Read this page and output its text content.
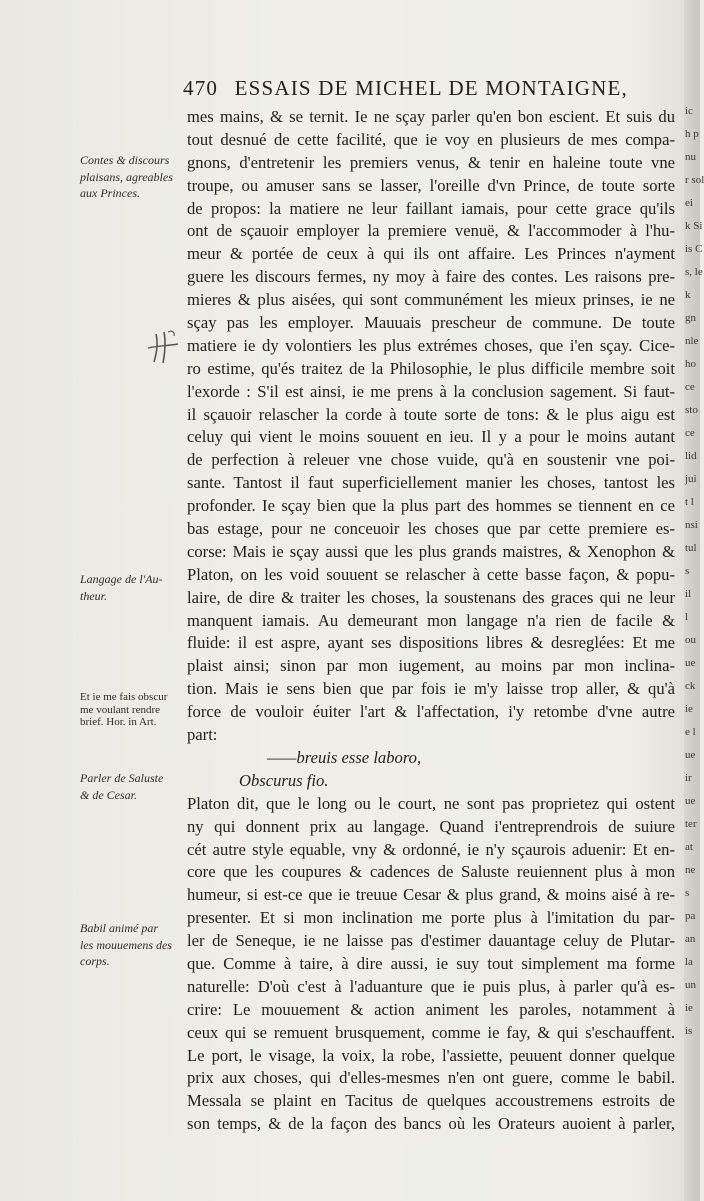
470 ESSAIS DE MICHEL DE MONTAIGNE,
mes mains, & se ternit. Ie ne sçay parler qu'en bon escient. Et suis du
tout desnué de cette facilité, que ie voy en plusieurs de mes compa-
gnons, d'entretenir les premiers venus, & tenir en haleine toute vne
troupe, ou amuser sans se lasser, l'oreille d'vn Prince, de toute sorte
de propos: la matiere ne leur faillant iamais, pour cette grace qu'ils
ont de sçauoir employer la premiere venuë, & l'accommoder à l'hu-
meur & portée de ceux à qui ils ont affaire. Les Princes n'ayment
guere les discours fermes, ny moy à faire des contes. Les raisons pre-
mieres & plus aisées, qui sont communément les mieux prinses, ie ne
sçay pas les employer. Mauuais prescheur de commune. De toute
matiere ie dy volontiers les plus extrémes choses, que i'en sçay. Cice-
ro estime, qu'és traitez de la Philosophie, le plus difficile membre soit
l'exorde : S'il est ainsi, ie me prens à la conclusion sagement. Si faut-
il sçauoir relascher la corde à toute sorte de tons: & le plus aigu est
celuy qui vient le moins souuent en ieu. Il y a pour le moins autant
de perfection à releuer vne chose vuide, qu'à en soustenir vne poi-
sante. Tantost il faut superficiellement manier les choses, tantost les
profonder. Ie sçay bien que la plus part des hommes se tiennent en ce
bas estage, pour ne conceuoir les choses que par cette premiere es-
corse: Mais ie sçay aussi que les plus grands maistres, & Xenophon &
Platon, on les void souuent se relascher à cette basse façon, & popu-
laire, de dire & traiter les choses, la soustenans des graces qui ne leur
manquent iamais. Au demeurant mon langage n'a rien de facile &
fluide: il est aspre, ayant ses dispositions libres & desreglées: Et me
plaist ainsi; sinon par mon iugement, au moins par mon inclina-
tion. Mais ie sens bien que par fois ie m'y laisse trop aller, & qu'à
force de vouloir éuiter l'art & l'affectation, i'y retombe d'vne autre
part:
——breuis esse laboro,
Obscurus fio.
Platon dit, que le long ou le court, ne sont pas proprietez qui ostent
ny qui donnent prix au langage. Quand i'entreprendrois de suiure
cét autre style equable, vny & ordonné, ie n'y sçaurois aduenir: Et en-
core que les coupures & cadences de Saluste reuiennent plus à mon
humeur, si est-ce que ie treuue Cesar & plus grand, & moins aisé à re-
presenter. Et si mon inclination me porte plus à l'imitation du par-
ler de Seneque, ie ne laisse pas d'estimer dauantage celuy de Plutar-
que. Comme à taire, à dire aussi, ie suy tout simplement ma forme
naturelle: D'où c'est à l'aduanture que ie puis plus, à parler qu'à es-
crire: Le mouuement & action animent les paroles, notamment à
ceux qui se remuent brusquement, comme ie fay, & qui s'eschauffent.
Le port, le visage, la voix, la robe, l'assiette, peuuent donner quelque
prix aux choses, qui d'elles-mesmes n'en ont guere, comme le babil.
Messala se plaint en Tacitus de quelques accoustremens estroits de
son temps, & de la façon des bancs où les Orateurs auoient à parler,
Contes & discours
plaisans, agreables
aux Princes.
Langage de l'Au-
theur.
Et ie me fais obscur
me voulant rendre
brief. Hor. in Art.
Parler de Saluste
& de Cesar.
Babil animé par
les mouuemens des
corps.
ic
h p
nu
r sol
ei
k Si
is C
s, le
k
gn
nle
ho
ce
sto
ce
lid
jui
t l
nsi
tul
s
il
l
ou
ue
ck
ie
e l
ue
ir
ue
ter
at
ne
s
pa
an
la
un
ie
is
